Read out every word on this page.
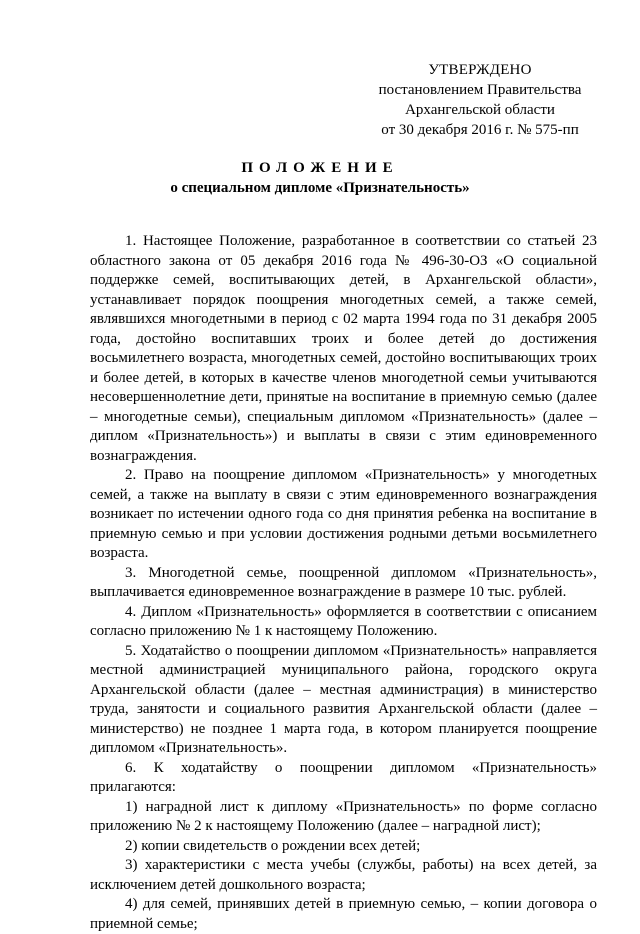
УТВЕРЖДЕНО
постановлением Правительства
Архангельской области
от 30 декабря 2016 г. № 575-пп
ПОЛОЖЕНИЕ
о специальном дипломе «Признательность»

1. Настоящее Положение, разработанное в соответствии со статьей 23 областного закона от 05 декабря 2016 года № 496-30-ОЗ «О социальной поддержке семей, воспитывающих детей, в Архангельской области», устанавливает порядок поощрения многодетных семей, а также семей, являвшихся многодетными в период с 02 марта 1994 года по 31 декабря 2005 года, достойно воспитавших троих и более детей до достижения восьмилетнего возраста, многодетных семей, достойно воспитывающих троих и более детей, в которых в качестве членов многодетной семьи учитываются несовершеннолетние дети, принятые на воспитание в приемную семью (далее – многодетные семьи), специальным дипломом «Признательность» (далее – диплом «Признательность») и выплаты в связи с этим единовременного вознаграждения.

2. Право на поощрение дипломом «Признательность» у многодетных семей, а также на выплату в связи с этим единовременного вознаграждения возникает по истечении одного года со дня принятия ребенка на воспитание в приемную семью и при условии достижения родными детьми восьмилетнего возраста.

3. Многодетной семье, поощренной дипломом «Признательность», выплачивается единовременное вознаграждение в размере 10 тыс. рублей.

4. Диплом «Признательность» оформляется в соответствии с описанием согласно приложению № 1 к настоящему Положению.

5. Ходатайство о поощрении дипломом «Признательность» направляется местной администрацией муниципального района, городского округа Архангельской области (далее – местная администрация) в министерство труда, занятости и социального развития Архангельской области (далее – министерство) не позднее 1 марта года, в котором планируется поощрение дипломом «Признательность».

6. К ходатайству о поощрении дипломом «Признательность» прилагаются:

1) наградной лист к диплому «Признательность» по форме согласно приложению № 2 к настоящему Положению (далее – наградной лист);

2) копии свидетельств о рождении всех детей;

3) характеристики с места учебы (службы, работы) на всех детей, за исключением детей дошкольного возраста;

4) для семей, принявших детей в приемную семью, – копии договора о приемной семье;
